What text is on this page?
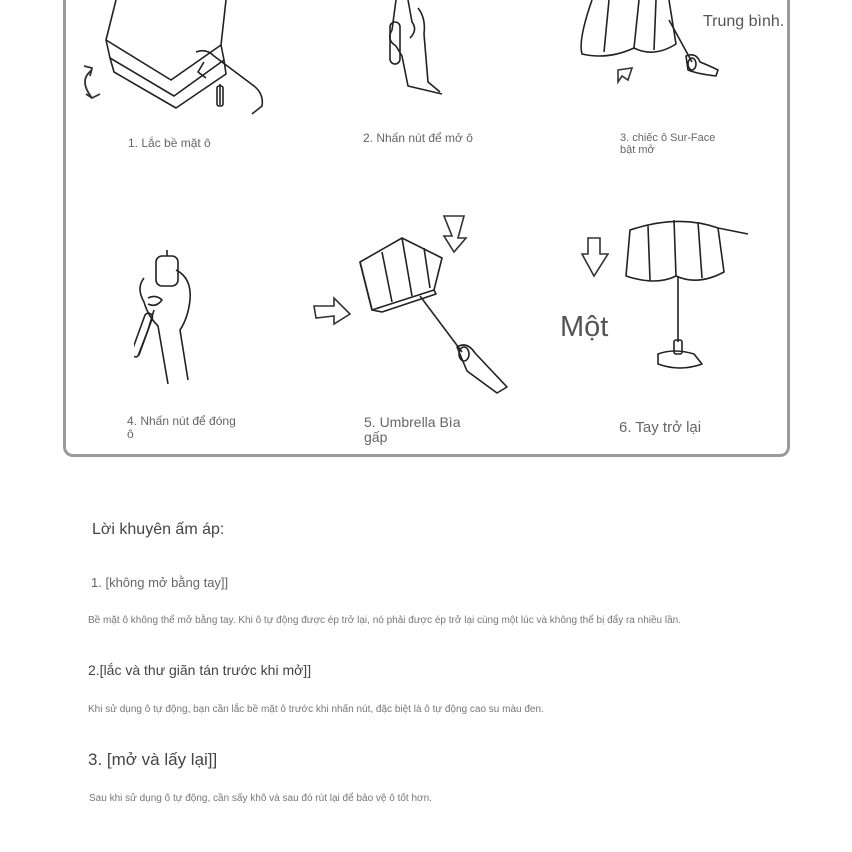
1. Lắc bề mặt ô	2. Nhấn nút để mở ô	3. chiếc ô Sur-Face bật mở
4. Nhấn nút để đóng ô
5. Umbrella Bìa gấp
6. Tay trở lại
Trung bình.
Một
Lời khuyên ấm áp:
1. [không mở bằng tay]]
Bề mặt ô không thể mở bằng tay. Khi ô tự động được ép trở lại, nó phải được ép trở lại cùng một lúc và không thể bị đẩy ra nhiều lần.
2.[lắc và thư giãn tán trước khi mở]]
Khi sử dụng ô tự động, bạn cần lắc bề mặt ô trước khi nhấn nút, đặc biệt là ô tự động cao su màu đen.
3. [mở và lấy lại]]
Sau khi sử dụng ô tự động, cần sấy khô và sau đó rút lại để bảo vệ ô tốt hơn.
